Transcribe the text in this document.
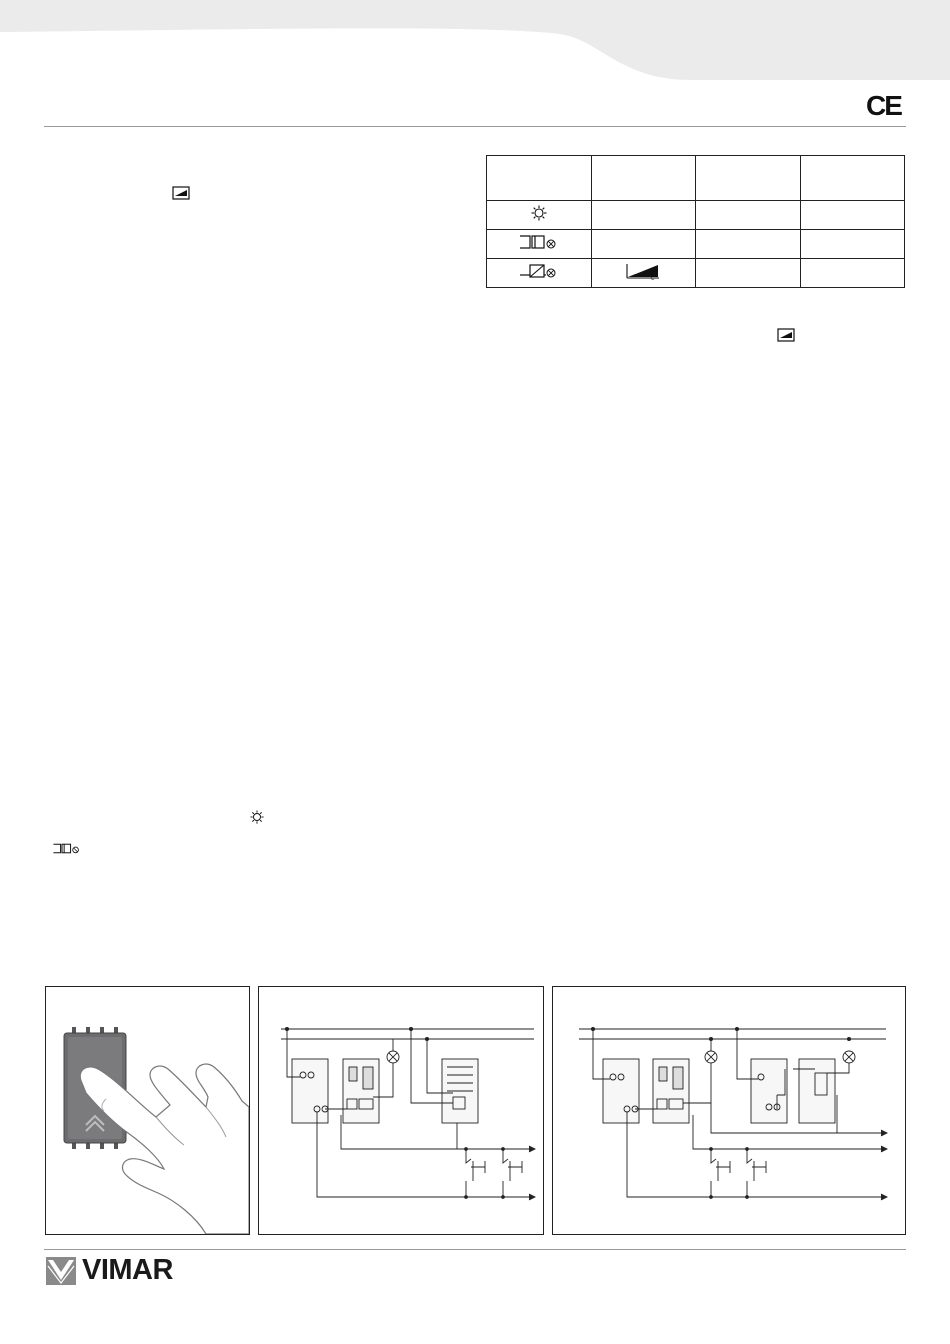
CE

L		

VIMAR
